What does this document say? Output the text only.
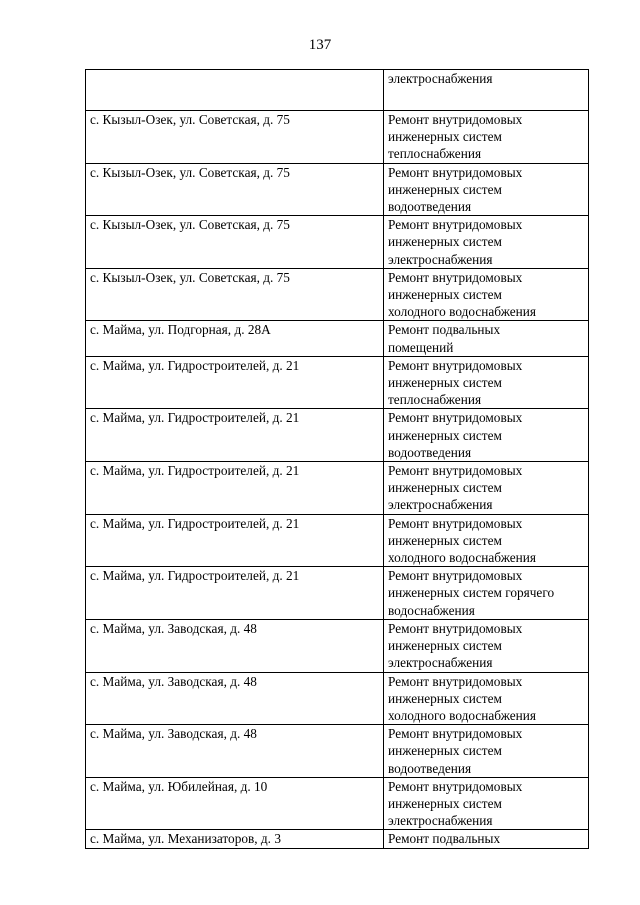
137
	электроснабжения
с. Кызыл-Озек, ул. Советская, д. 75	Ремонт внутридомовых
инженерных систем
теплоснабжения
с. Кызыл-Озек, ул. Советская, д. 75	Ремонт внутридомовых
инженерных систем
водоотведения
с. Кызыл-Озек, ул. Советская, д. 75	Ремонт внутридомовых
инженерных систем
электроснабжения
с. Кызыл-Озек, ул. Советская, д. 75	Ремонт внутридомовых
инженерных систем
холодного водоснабжения
с. Майма, ул. Подгорная, д. 28А	Ремонт подвальных
помещений
с. Майма, ул. Гидростроителей, д. 21	Ремонт внутридомовых
инженерных систем
теплоснабжения
с. Майма, ул. Гидростроителей, д. 21	Ремонт внутридомовых
инженерных систем
водоотведения
с. Майма, ул. Гидростроителей, д. 21	Ремонт внутридомовых
инженерных систем
электроснабжения
с. Майма, ул. Гидростроителей, д. 21	Ремонт внутридомовых
инженерных систем
холодного водоснабжения
с. Майма, ул. Гидростроителей, д. 21	Ремонт внутридомовых
инженерных систем горячего
водоснабжения
с. Майма, ул. Заводская, д. 48	Ремонт внутридомовых
инженерных систем
электроснабжения
с. Майма, ул. Заводская, д. 48	Ремонт внутридомовых
инженерных систем
холодного водоснабжения
с. Майма, ул. Заводская, д. 48	Ремонт внутридомовых
инженерных систем
водоотведения
с. Майма, ул. Юбилейная, д. 10	Ремонт внутридомовых
инженерных систем
электроснабжения
с. Майма, ул. Механизаторов, д. 3	Ремонт подвальных
